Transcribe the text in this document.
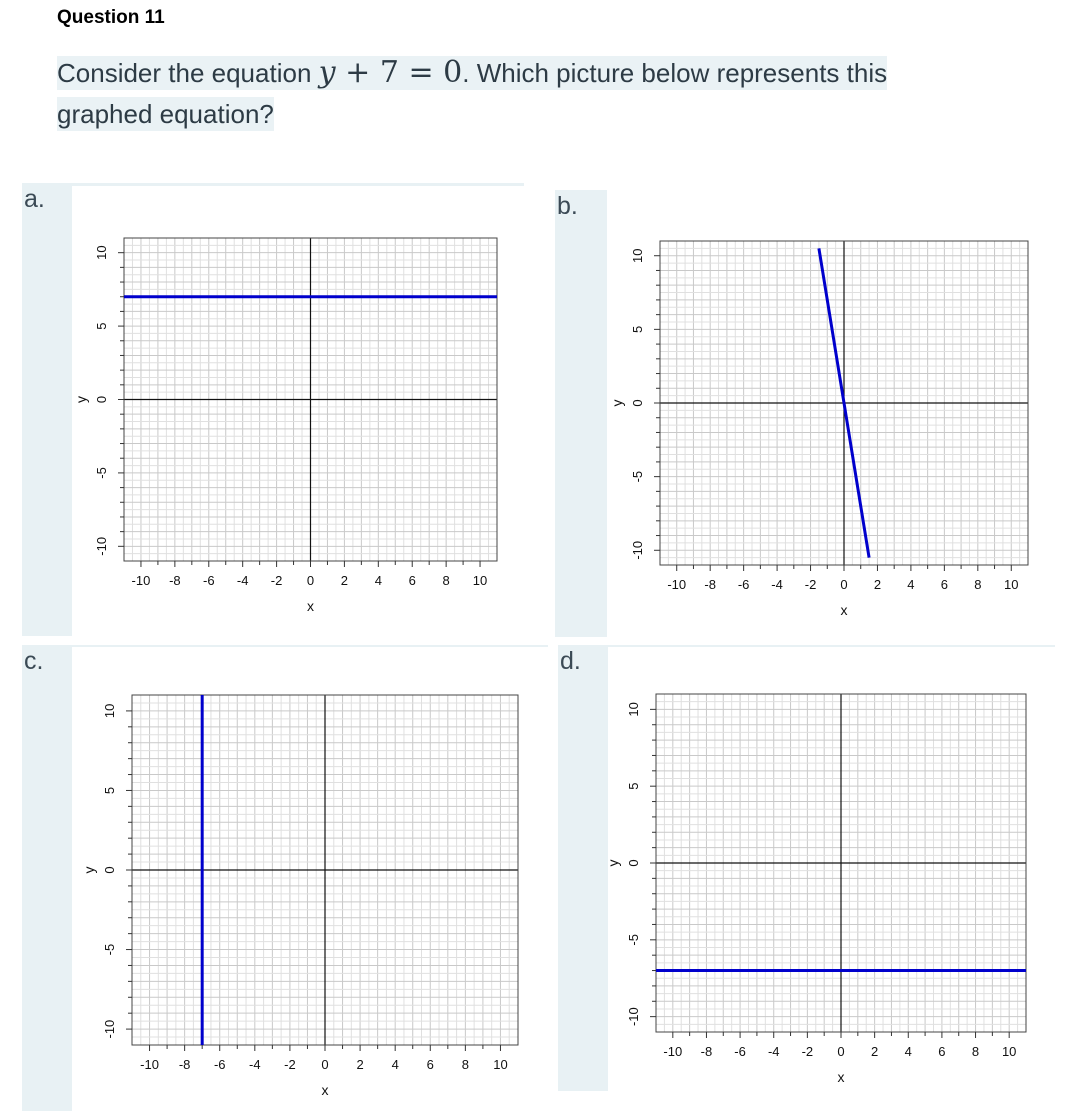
Question 11
Consider the equation y + 7 = 0. Which picture below represents this
graphed equation?
a.
-10 -8 -6 -4 -2 0 2 4 6 8 10
x
-10
-5
0
5
10
y
b.
-10 -8 -6 -4 -2 0 2 4 6 8 10
x
-10
-5
0
5
10
y
c.
-10 -8 -6 -4 -2 0 2 4 6 8 10
x
-10
-5
0
5
10
y
d.
-10 -8 -6 -4 -2 0 2 4 6 8 10
x
-10
-5
0
5
10
y
